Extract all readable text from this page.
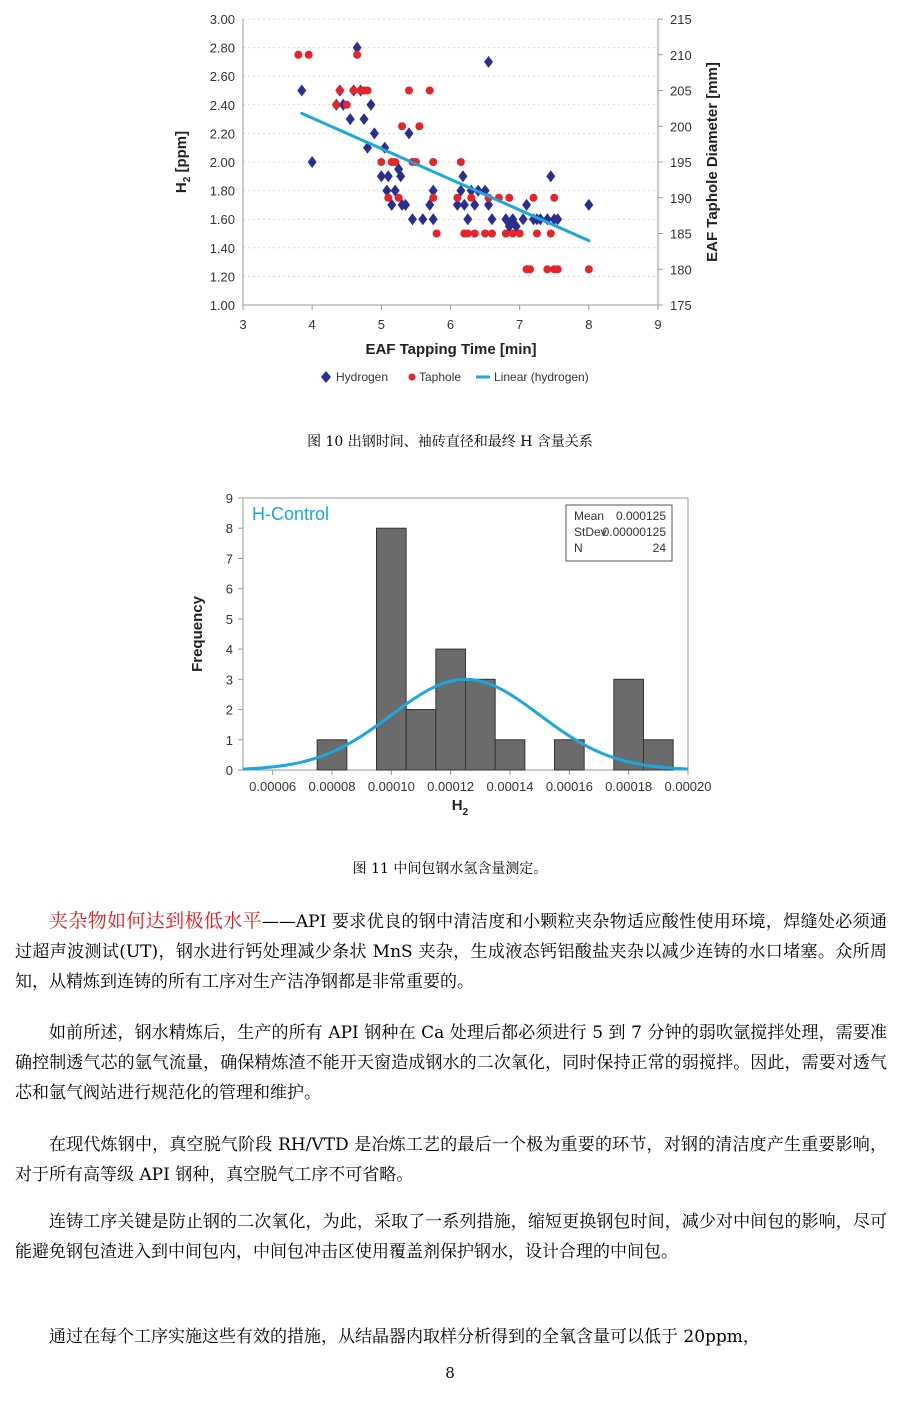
1.00
1.20
1.40
1.60
1.80
2.00
2.20
2.40
2.60
2.80
3.00
175
180
185
190
195
200
205
210
215
3	4	5	6	7	8	9
EAF Tapping Time [min]
$H_2$ [ppm]	EAF Taphole Diameter [mm]
Hydrogen	Taphole	Linear (hydrogen)
图 10 出钢时间、袖砖直径和最终 H 含量关系
0
1
2
3
4
5
6
7
8
9
0.00006 0.00008 0.00010 0.00012 0.00014 0.00016 0.00018 0.00020
H-Control	Mean 0.000125
StDev
0.00000125
N	24
Frequency
$H_2$
图 11 中间包钢水氢含量测定。

夹杂物如何达到极低水平——API 要求优良的钢中清洁度和小颗粒夹杂物适应酸性使用环境，焊缝处必须通过超声波测试(UT)，钢水进行钙处理减少条状 MnS 夹杂，生成液态钙铝酸盐夹杂以减少连铸的水口堵塞。众所周知，从精炼到连铸的所有工序对生产洁净钢都是非常重要的。

如前所述，钢水精炼后，生产的所有 API 钢种在 Ca 处理后都必须进行 5 到 7 分钟的弱吹氩搅拌处理，需要准确控制透气芯的氩气流量，确保精炼渣不能开天窗造成钢水的二次氧化，同时保持正常的弱搅拌。因此，需要对透气芯和氩气阀站进行规范化的管理和维护。

在现代炼钢中，真空脱气阶段 RH/VTD 是冶炼工艺的最后一个极为重要的环节，对钢的清洁度产生重要影响，对于所有高等级 API 钢种，真空脱气工序不可省略。

连铸工序关键是防止钢的二次氧化，为此，采取了一系列措施，缩短更换钢包时间，减少对中间包的影响，尽可能避免钢包渣进入到中间包内，中间包冲击区使用覆盖剂保护钢水，设计合理的中间包。

通过在每个工序实施这些有效的措施，从结晶器内取样分析得到的全氧含量可以低于 20ppm，

8
